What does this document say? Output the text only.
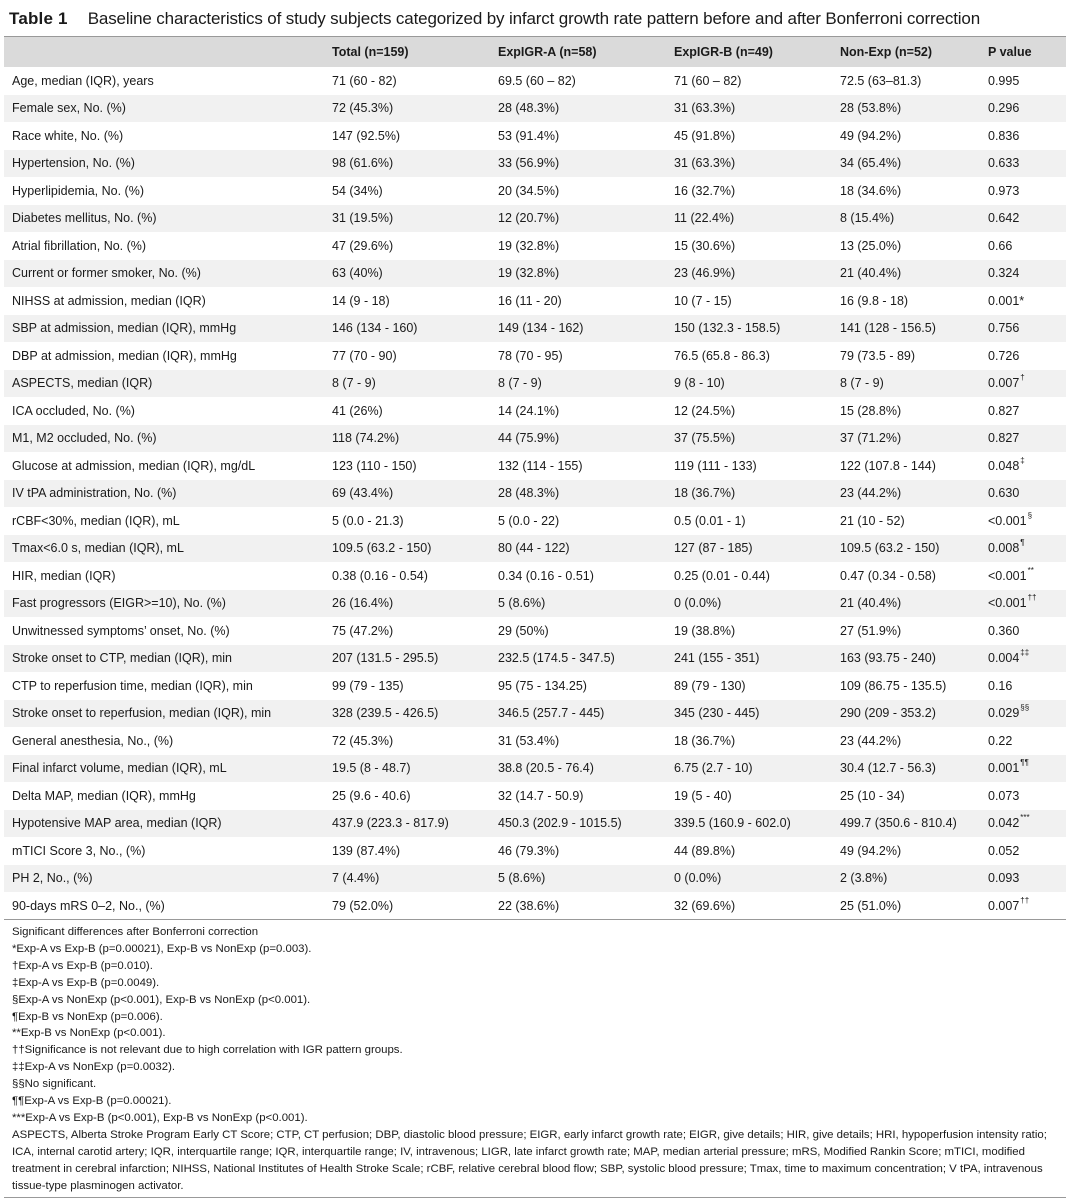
Table 1 Baseline characteristics of study subjects categorized by infarct growth rate pattern before and after Bonferroni correction
	Total (n=159)	ExpIGR-A (n=58)	ExpIGR-B (n=49)	Non-Exp (n=52)	P value
Age, median (IQR), years	71 (60 - 82)	69.5 (60 – 82)	71 (60 – 82)	72.5 (63–81.3)	0.995
Female sex, No. (%)	72 (45.3%)	28 (48.3%)	31 (63.3%)	28 (53.8%)	0.296
Race white, No. (%)	147 (92.5%)	53 (91.4%)	45 (91.8%)	49 (94.2%)	0.836
Hypertension, No. (%)	98 (61.6%)	33 (56.9%)	31 (63.3%)	34 (65.4%)	0.633
Hyperlipidemia, No. (%)	54 (34%)	20 (34.5%)	16 (32.7%)	18 (34.6%)	0.973
Diabetes mellitus, No. (%)	31 (19.5%)	12 (20.7%)	11 (22.4%)	8 (15.4%)	0.642
Atrial fibrillation, No. (%)	47 (29.6%)	19 (32.8%)	15 (30.6%)	13 (25.0%)	0.66
Current or former smoker, No. (%)	63 (40%)	19 (32.8%)	23 (46.9%)	21 (40.4%)	0.324
NIHSS at admission, median (IQR)	14 (9 - 18)	16 (11 - 20)	10 (7 - 15)	16 (9.8 - 18)	0.001*
SBP at admission, median (IQR), mmHg	146 (134 - 160)	149 (134 - 162)	150 (132.3 - 158.5)	141 (128 - 156.5)	0.756
DBP at admission, median (IQR), mmHg	77 (70 - 90)	78 (70 - 95)	76.5 (65.8 - 86.3)	79 (73.5 - 89)	0.726
ASPECTS, median (IQR)	8 (7 - 9)	8 (7 - 9)	9 (8 - 10)	8 (7 - 9)	0.007†
ICA occluded, No. (%)	41 (26%)	14 (24.1%)	12 (24.5%)	15 (28.8%)	0.827
M1, M2 occluded, No. (%)	118 (74.2%)	44 (75.9%)	37 (75.5%)	37 (71.2%)	0.827
Glucose at admission, median (IQR), mg/dL	123 (110 - 150)	132 (114 - 155)	119 (111 - 133)	122 (107.8 - 144)	0.048‡
IV tPA administration, No. (%)	69 (43.4%)	28 (48.3%)	18 (36.7%)	23 (44.2%)	0.630
rCBF<30%, median (IQR), mL	5 (0.0 - 21.3)	5 (0.0 - 22)	0.5 (0.01 - 1)	21 (10 - 52)	<0.001§
Tmax<6.0 s, median (IQR), mL	109.5 (63.2 - 150)	80 (44 - 122)	127 (87 - 185)	109.5 (63.2 - 150)	0.008¶
HIR, median (IQR)	0.38 (0.16 - 0.54)	0.34 (0.16 - 0.51)	0.25 (0.01 - 0.44)	0.47 (0.34 - 0.58)	<0.001**
Fast progressors (EIGR>=10), No. (%)	26 (16.4%)	5 (8.6%)	0 (0.0%)	21 (40.4%)	<0.001††
Unwitnessed symptoms’ onset, No. (%)	75 (47.2%)	29 (50%)	19 (38.8%)	27 (51.9%)	0.360
Stroke onset to CTP, median (IQR), min	207 (131.5 - 295.5)	232.5 (174.5 - 347.5)	241 (155 - 351)	163 (93.75 - 240)	0.004‡‡
CTP to reperfusion time, median (IQR), min	99 (79 - 135)	95 (75 - 134.25)	89 (79 - 130)	109 (86.75 - 135.5)	0.16
Stroke onset to reperfusion, median (IQR), min	328 (239.5 - 426.5)	346.5 (257.7 - 445)	345 (230 - 445)	290 (209 - 353.2)	0.029§§
General anesthesia, No., (%)	72 (45.3%)	31 (53.4%)	18 (36.7%)	23 (44.2%)	0.22
Final infarct volume, median (IQR), mL	19.5 (8 - 48.7)	38.8 (20.5 - 76.4)	6.75 (2.7 - 10)	30.4 (12.7 - 56.3)	0.001¶¶
Delta MAP, median (IQR), mmHg	25 (9.6 - 40.6)	32 (14.7 - 50.9)	19 (5 - 40)	25 (10 - 34)	0.073
Hypotensive MAP area, median (IQR)	437.9 (223.3 - 817.9)	450.3 (202.9 - 1015.5)	339.5 (160.9 - 602.0)	499.7 (350.6 - 810.4)	0.042***
mTICI Score 3, No., (%)	139 (87.4%)	46 (79.3%)	44 (89.8%)	49 (94.2%)	0.052
PH 2, No., (%)	7 (4.4%)	5 (8.6%)	0 (0.0%)	2 (3.8%)	0.093
90-days mRS 0–2, No., (%)	79 (52.0%)	22 (38.6%)	32 (69.6%)	25 (51.0%)	0.007††
Significant differences after Bonferroni correction
*Exp-A vs Exp-B (p=0.00021), Exp-B vs NonExp (p=0.003).
†Exp-A vs Exp-B (p=0.010).
‡Exp-A vs Exp-B (p=0.0049).
§Exp-A vs NonExp (p<0.001), Exp-B vs NonExp (p<0.001).
¶Exp-B vs NonExp (p=0.006).
**Exp-B vs NonExp (p<0.001).
††Significance is not relevant due to high correlation with IGR pattern groups.
‡‡Exp-A vs NonExp (p=0.0032).
§§No significant.
¶¶Exp-A vs Exp-B (p=0.00021).
***Exp-A vs Exp-B (p<0.001), Exp-B vs NonExp (p<0.001).
ASPECTS, Alberta Stroke Program Early CT Score; CTP, CT perfusion; DBP, diastolic blood pressure; EIGR, early infarct growth rate; EIGR, give details; HIR, give details; HRI, hypoperfusion intensity ratio; ICA, internal carotid artery; IQR, interquartile range; IQR, interquartile range; IV, intravenous; LIGR, late infarct growth rate; MAP, median arterial pressure; mRS, Modified Rankin Score; mTICI, modified treatment in cerebral infarction; NIHSS, National Institutes of Health Stroke Scale; rCBF, relative cerebral blood flow; SBP, systolic blood pressure; Tmax, time to maximum concentration; V tPA, intravenous tissue-type plasminogen activator.
